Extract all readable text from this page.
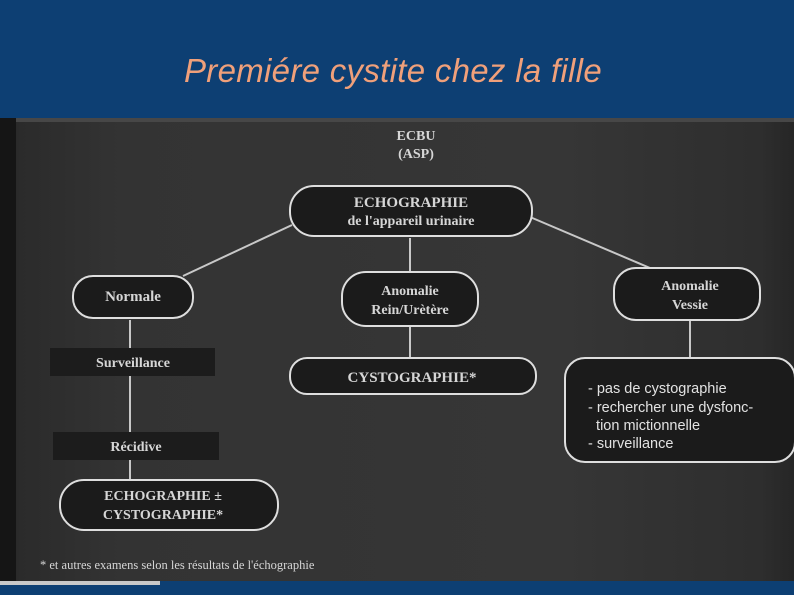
Premiére cystite chez la fille
ECBU
(ASP)
ECHOGRAPHIE
de l'appareil urinaire
Normale	Anomalie
Rein/Urètère
Anomalie
Vessie
Surveillance
CYSTOGRAPHIE*
- pas de cystographie
- rechercher une dysfonc-
tion mictionnelle
- surveillance
Récidive
ECHOGRAPHIE ±
CYSTOGRAPHIE*
* et autres examens selon les résultats de l'échographie
